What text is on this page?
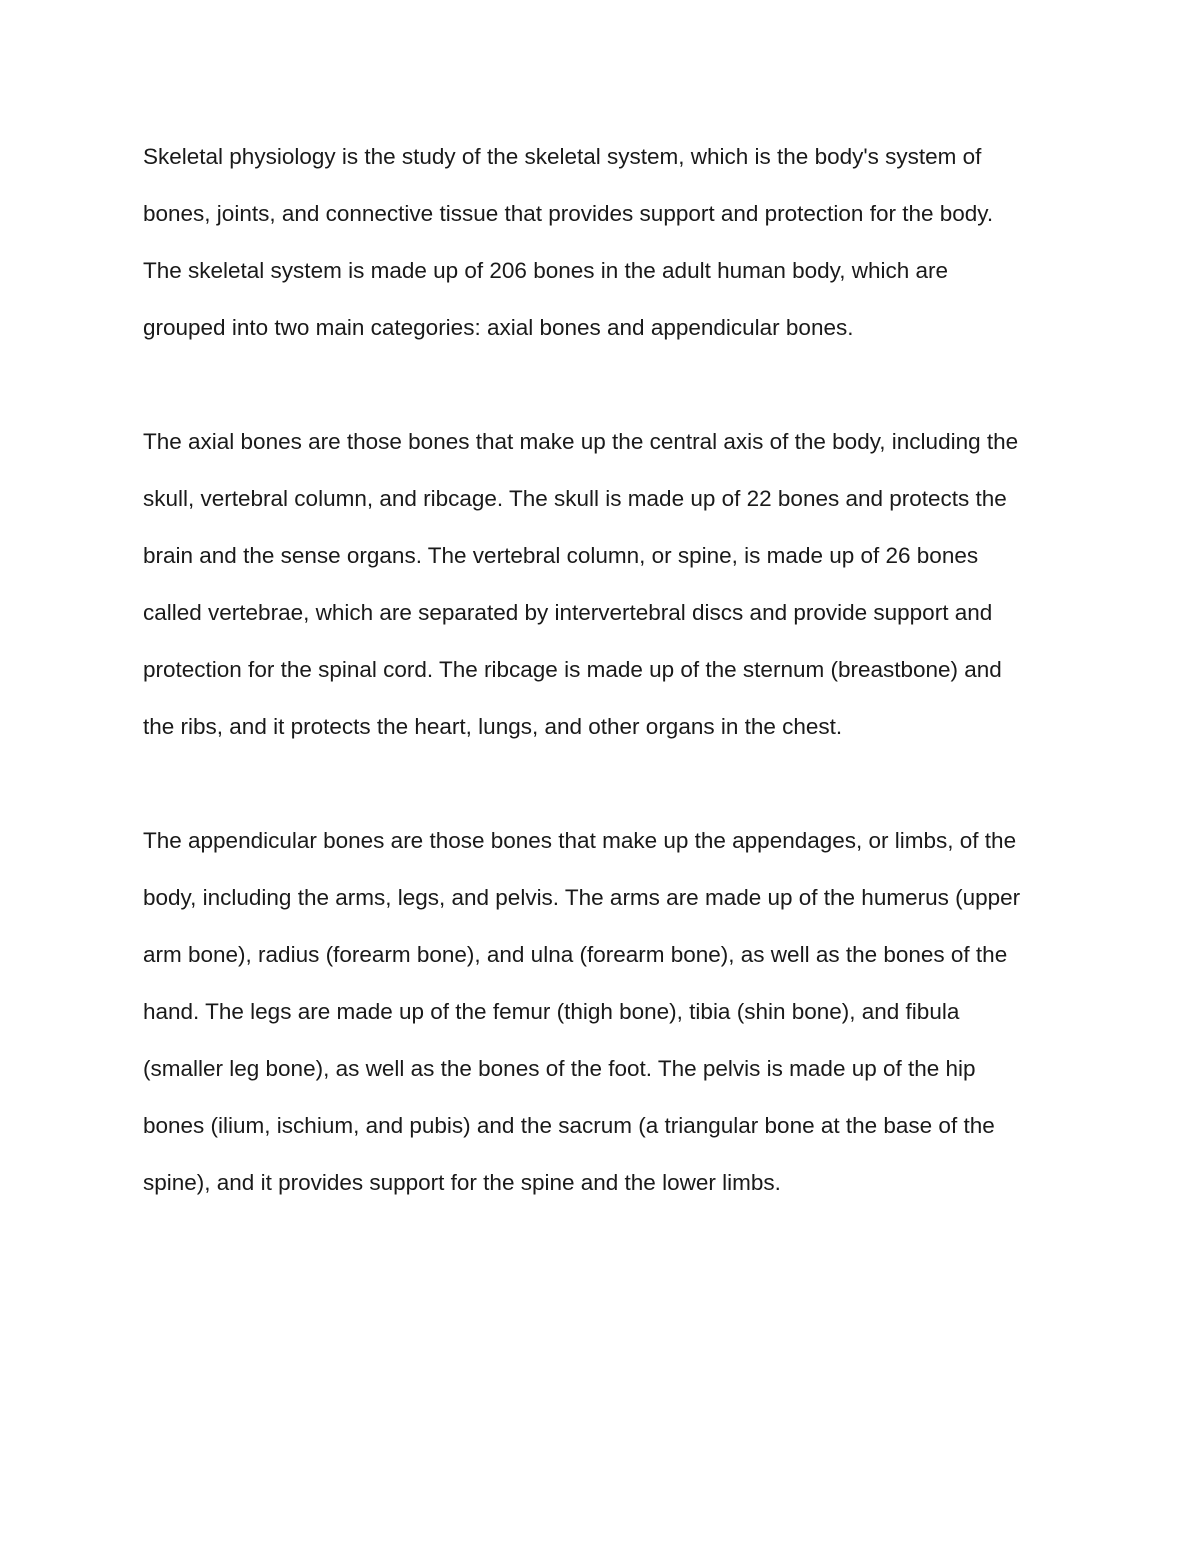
Skeletal physiology is the study of the skeletal system, which is the body's system of
bones, joints, and connective tissue that provides support and protection for the body.
The skeletal system is made up of 206 bones in the adult human body, which are
grouped into two main categories: axial bones and appendicular bones.
The axial bones are those bones that make up the central axis of the body, including the
skull, vertebral column, and ribcage. The skull is made up of 22 bones and protects the
brain and the sense organs. The vertebral column, or spine, is made up of 26 bones
called vertebrae, which are separated by intervertebral discs and provide support and
protection for the spinal cord. The ribcage is made up of the sternum (breastbone) and
the ribs, and it protects the heart, lungs, and other organs in the chest.
The appendicular bones are those bones that make up the appendages, or limbs, of the
body, including the arms, legs, and pelvis. The arms are made up of the humerus (upper
arm bone), radius (forearm bone), and ulna (forearm bone), as well as the bones of the
hand. The legs are made up of the femur (thigh bone), tibia (shin bone), and fibula
(smaller leg bone), as well as the bones of the foot. The pelvis is made up of the hip
bones (ilium, ischium, and pubis) and the sacrum (a triangular bone at the base of the
spine), and it provides support for the spine and the lower limbs.
